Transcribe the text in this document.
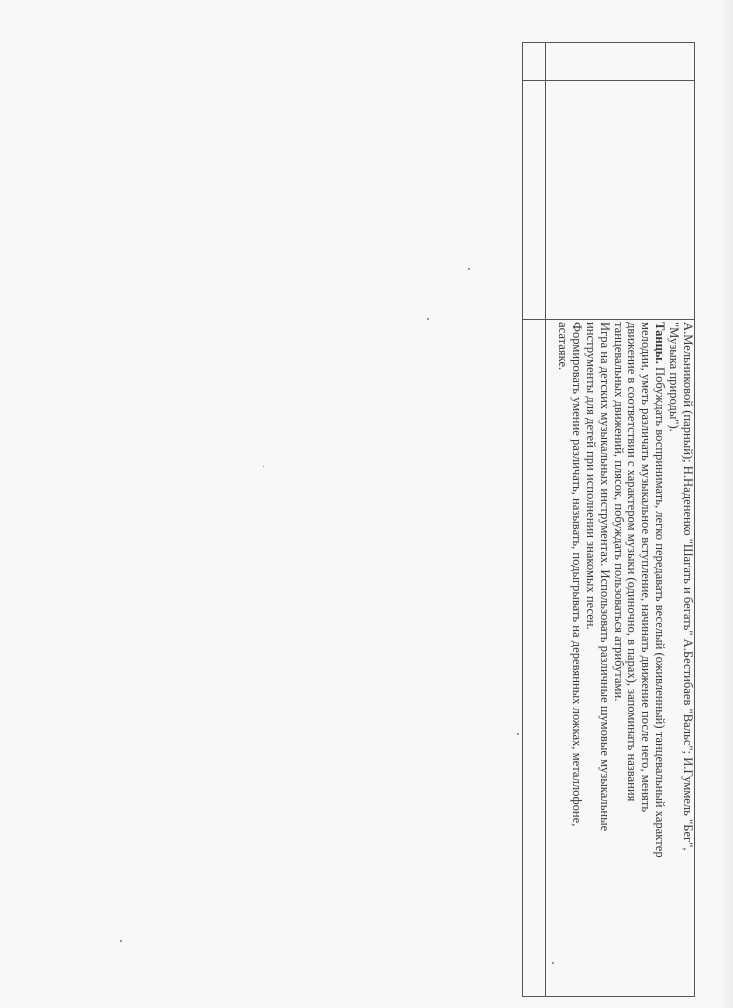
А.Мельниковой (парный); Н.Надененко "Шагать и бегать" А.Бестибаев "Вальс"; И.Гуммель "Бег",
"Музыка природы").
Танцы. Побуждать воспринимать, легко передавать веселый (оживленный) танцевальный характер
мелодии, уметь различать музыкальное вступление, начинать движение после него, менять
движение в соответствии с характером музыки (одиночно, в парах), запоминать названия
танцевальных движений, плясок, побуждать пользоваться атрибутами.
Игра на детских музыкальных инструментах. Использовать различные шумовые музыкальные
инструменты для детей при исполнении знакомых песен.
Формировать умение различать, называть, подыгрывать на деревянных ложках, металлофоне,
асатаяке.
